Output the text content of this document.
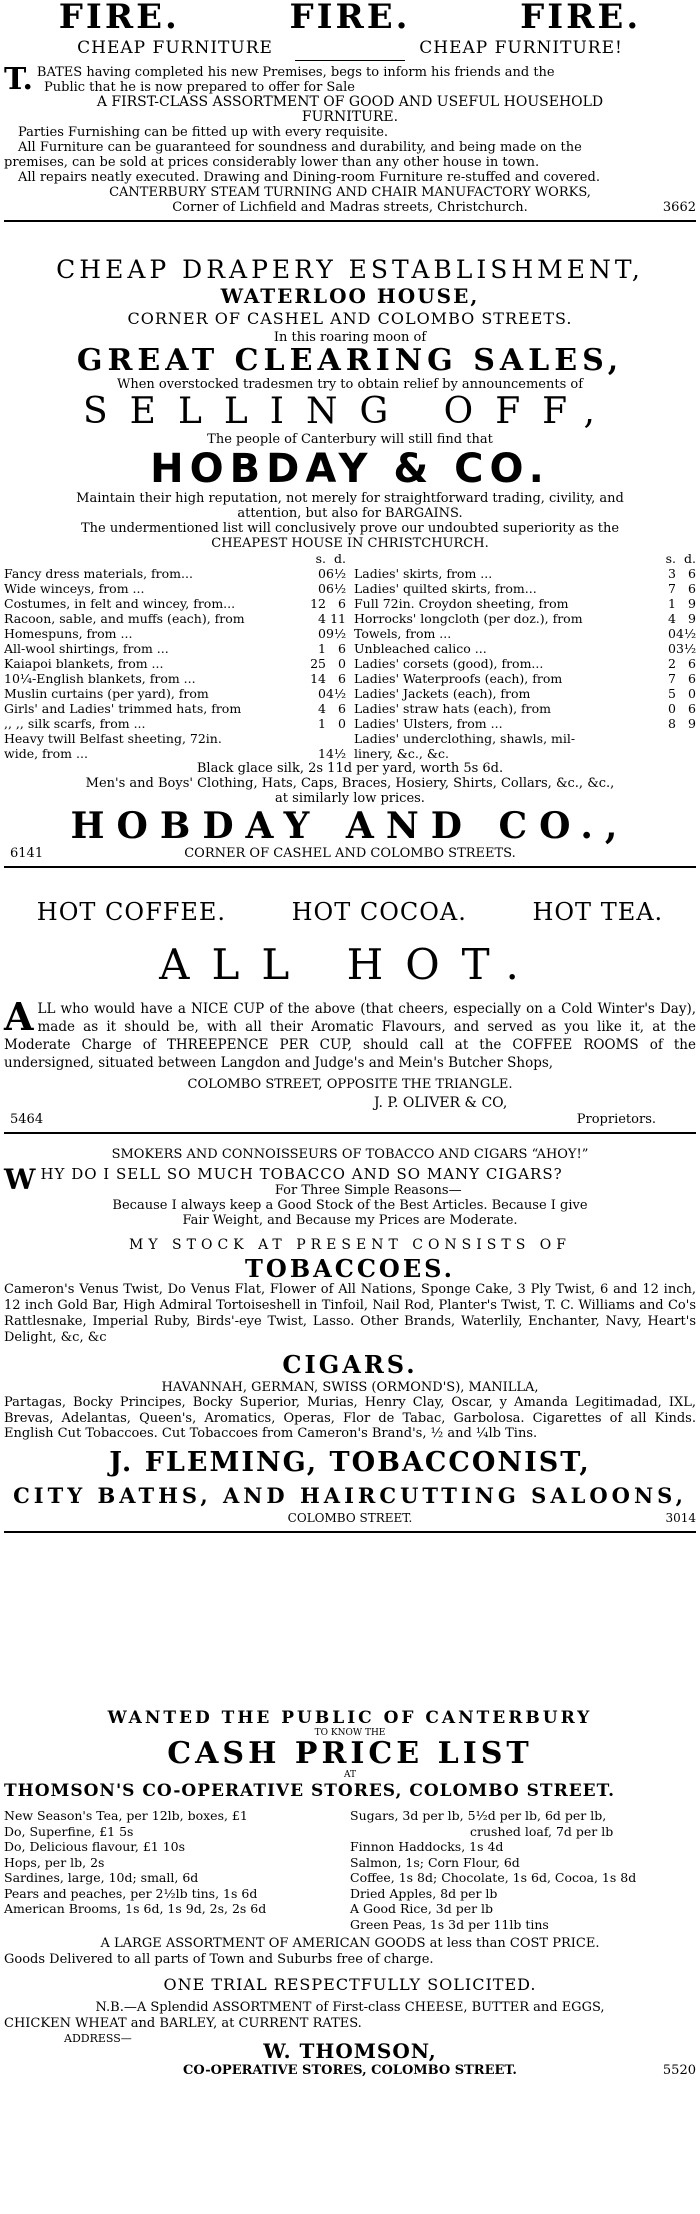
FIRE.	FIRE.	FIRE.
CHEAP FURNITURE	CHEAP FURNITURE!
T. BATES having completed his new Premises, begs to inform his friends and the
Public that he is now prepared to offer for Sale
A FIRST-CLASS ASSORTMENT OF GOOD AND USEFUL HOUSEHOLD
FURNITURE.
Parties Furnishing can be fitted up with every requisite.
All Furniture can be guaranteed for soundness and durability, and being made on the
premises, can be sold at prices considerably lower than any other house in town.
All repairs neatly executed. Drawing and Dining-room Furniture re-stuffed and covered.
CANTERBURY STEAM TURNING AND CHAIR MANUFACTORY WORKS,
Corner of Lichfield and Madras streets, Christchurch.	3662
CHEAP DRAPERY ESTABLISHMENT,
WATERLOO HOUSE,
CORNER OF CASHEL AND COLOMBO STREETS.
In this roaring moon of
GREAT CLEARING SALES,
When overstocked tradesmen try to obtain relief by announcements of
SELLING OFF,
The people of Canterbury will still find that
HOBDAY & CO.
Maintain their high reputation, not merely for straightforward trading, civility, and
attention, but also for BARGAINS.
The undermentioned list will conclusively prove our undoubted superiority as the
CHEAPEST HOUSE IN CHRISTCHURCH.
s. d.
Fancy dress materials, from...	0 6½
Wide winceys, from ...	0 6½
Costumes, in felt and wincey, from...	12 6
Racoon, sable, and muffs (each), from	4 11
Homespuns, from ...	0 9½
All-wool shirtings, from ...	1 6
Kaiapoi blankets, from ...	25 0
10¼-English blankets, from ...	14 6
Muslin curtains (per yard), from	0 4½
Girls' and Ladies' trimmed hats, from	4 6
,, ,, silk scarfs, from ...	1 0
Heavy twill Belfast sheeting, 72in.
wide, from ...	1 4½
s. d.
Ladies' skirts, from ...	3 6
Ladies' quilted skirts, from...	7 6
Full 72in. Croydon sheeting, from	1 9
Horrocks' longcloth (per doz.), from	4 9
Towels, from ...	0 4½
Unbleached calico ...	0 3½
Ladies' corsets (good), from...	2 6
Ladies' Waterproofs (each), from	7 6
Ladies' Jackets (each), from	5 0
Ladies' straw hats (each), from	0 6
Ladies' Ulsters, from ...	8 9
Ladies' underclothing, shawls, mil-
linery, &c., &c.
Black glace silk, 2s 11d per yard, worth 5s 6d.
Men's and Boys' Clothing, Hats, Caps, Braces, Hosiery, Shirts, Collars, &c., &c.,
at similarly low prices.
HOBDAY AND CO.,
6141	CORNER OF CASHEL AND COLOMBO STREETS.
HOT COFFEE.	HOT COCOA.	HOT TEA.
ALL HOT.
ALL who would have a NICE CUP of the above (that cheers, especially on a Cold Winter's Day), made as it should be, with all their Aromatic Flavours, and served as you like it, at the Moderate Charge of THREEPENCE PER CUP, should call at the COFFEE ROOMS of the undersigned, situated between Langdon and Judge's and Mein's Butcher Shops,
COLOMBO STREET, OPPOSITE THE TRIANGLE.
J. P. OLIVER & CO,
5464	Proprietors.
SMOKERS AND CONNOISSEURS OF TOBACCO AND CIGARS “AHOY!”
WHY DO I SELL SO MUCH TOBACCO AND SO MANY CIGARS?
For Three Simple Reasons—
Because I always keep a Good Stock of the Best Articles. Because I give
Fair Weight, and Because my Prices are Moderate.
MY STOCK AT PRESENT CONSISTS OF
TOBACCOES.
Cameron's Venus Twist, Do Venus Flat, Flower of All Nations, Sponge Cake, 3 Ply Twist, 6 and 12 inch, 12 inch Gold Bar, High Admiral Tortoiseshell in Tinfoil, Nail Rod, Planter's Twist, T. C. Williams and Co's Rattlesnake, Imperial Ruby, Birds'-eye Twist, Lasso. Other Brands, Waterlily, Enchanter, Navy, Heart's Delight, &c, &c
CIGARS.
HAVANNAH, GERMAN, SWISS (ORMOND'S), MANILLA,
Partagas, Bocky Principes, Bocky Superior, Murias, Henry Clay, Oscar, y Amanda Legitimadad, IXL, Brevas, Adelantas, Queen's, Aromatics, Operas, Flor de Tabac, Garbolosa. Cigarettes of all Kinds. English Cut Tobaccoes. Cut Tobaccoes from Cameron's Brand's, ½ and ¼lb Tins.
J. FLEMING, TOBACCONIST,
CITY BATHS, AND HAIRCUTTING SALOONS,
COLOMBO STREET.	3014
WANTED THE PUBLIC OF CANTERBURY
TO KNOW THE
CASH PRICE LIST
AT
THOMSON'S CO-OPERATIVE STORES, COLOMBO STREET.
New Season's Tea, per 12lb, boxes, £1
Do, Superfine, £1 5s
Do, Delicious flavour, £1 10s
Hops, per lb, 2s
Sardines, large, 10d; small, 6d
Pears and peaches, per 2½lb tins, 1s 6d
American Brooms, 1s 6d, 1s 9d, 2s, 2s 6d
Sugars, 3d per lb, 5½d per lb, 6d per lb,
crushed loaf, 7d per lb
Finnon Haddocks, 1s 4d
Salmon, 1s; Corn Flour, 6d
Coffee, 1s 8d; Chocolate, 1s 6d, Cocoa, 1s 8d
Dried Apples, 8d per lb
A Good Rice, 3d per lb
Green Peas, 1s 3d per 11lb tins
A LARGE ASSORTMENT OF AMERICAN GOODS at less than COST PRICE.
Goods Delivered to all parts of Town and Suburbs free of charge.
ONE TRIAL RESPECTFULLY SOLICITED.
N.B.—A Splendid ASSORTMENT of First-class CHEESE, BUTTER and EGGS,
CHICKEN WHEAT and BARLEY, at CURRENT RATES.
ADDRESS—
W. THOMSON,
CO-OPERATIVE STORES, COLOMBO STREET.	5520
